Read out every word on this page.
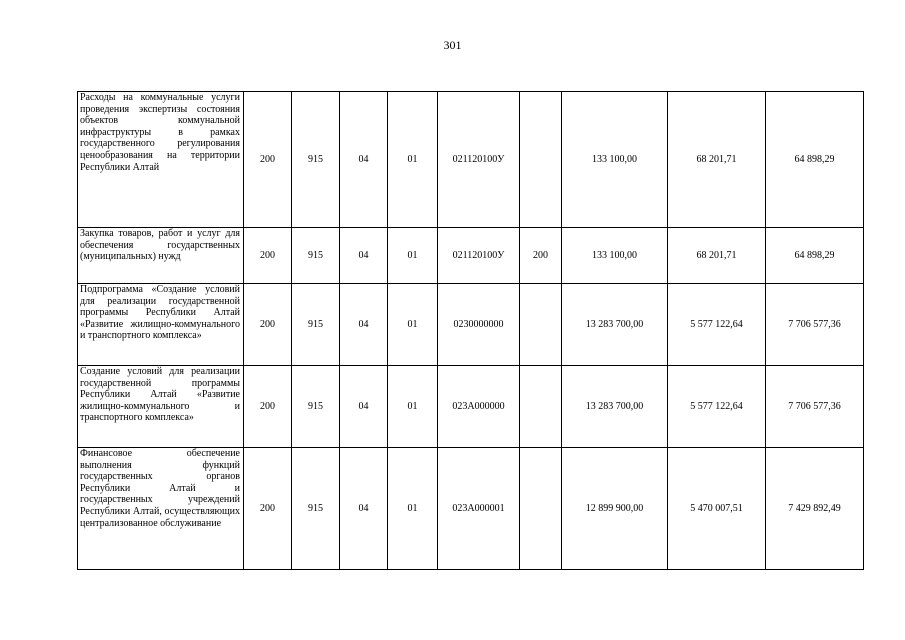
301
Расходы на коммунальные услуги проведения экспертизы состояния объектов коммунальной инфраструктуры в рамках государственного регулирования ценообразования на территории Республики Алтай	200	915	04	01	021120100У		133 100,00	68 201,71	64 898,29
Закупка товаров, работ и услуг для обеспечения государственных (муниципальных) нужд	200	915	04	01	021120100У	200	133 100,00	68 201,71	64 898,29
Подпрограмма «Создание условий для реализации государственной программы Республики Алтай «Развитие жилищно-коммунального и транспортного комплекса»	200	915	04	01	0230000000		13 283 700,00	5 577 122,64	7 706 577,36
Создание условий для реализации государственной программы Республики Алтай «Развитие жилищно-коммунального и транспортного комплекса»	200	915	04	01	023А000000		13 283 700,00	5 577 122,64	7 706 577,36
Финансовое обеспечение выполнения функций государственных органов Республики Алтай и государственных учреждений Республики Алтай, осуществляющих централизованное обслуживание	200	915	04	01	023А000001		12 899 900,00	5 470 007,51	7 429 892,49
